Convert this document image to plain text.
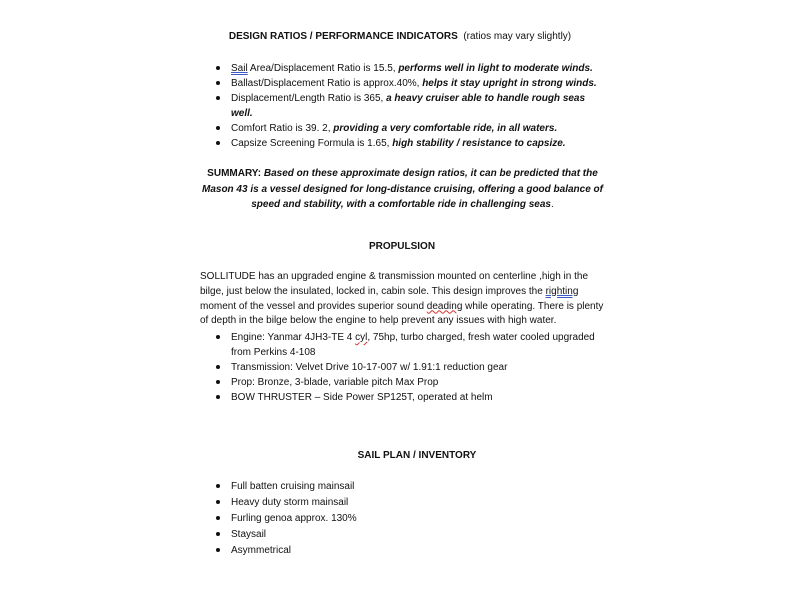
DESIGN RATIOS / PERFORMANCE INDICATORS (ratios may vary slightly)
Sail Area/Displacement Ratio is 15.5, performs well in light to moderate winds.
Ballast/Displacement Ratio is approx.40%, helps it stay upright in strong winds.
Displacement/Length Ratio is 365, a heavy cruiser able to handle rough seas well.
Comfort Ratio is 39. 2, providing a very comfortable ride, in all waters.
Capsize Screening Formula is 1.65, high stability / resistance to capsize.
SUMMARY: Based on these approximate design ratios, it can be predicted that the Mason 43 is a vessel designed for long-distance cruising, offering a good balance of speed and stability, with a comfortable ride in challenging seas.
PROPULSION
SOLLITUDE has an upgraded engine & transmission mounted on centerline ,high in the bilge, just below the insulated, locked in, cabin sole. This design improves the righting moment of the vessel and provides superior sound deading while operating. There is plenty of depth in the bilge below the engine to help prevent any issues with high water.
Engine: Yanmar 4JH3-TE 4 cyl, 75hp, turbo charged, fresh water cooled upgraded from Perkins 4-108
Transmission: Velvet Drive 10-17-007 w/ 1.91:1 reduction gear
Prop: Bronze, 3-blade, variable pitch Max Prop
BOW THRUSTER – Side Power SP125T, operated at helm
SAIL PLAN / INVENTORY
Full batten cruising mainsail
Heavy duty storm mainsail
Furling genoa approx. 130%
Staysail
Asymmetrical
